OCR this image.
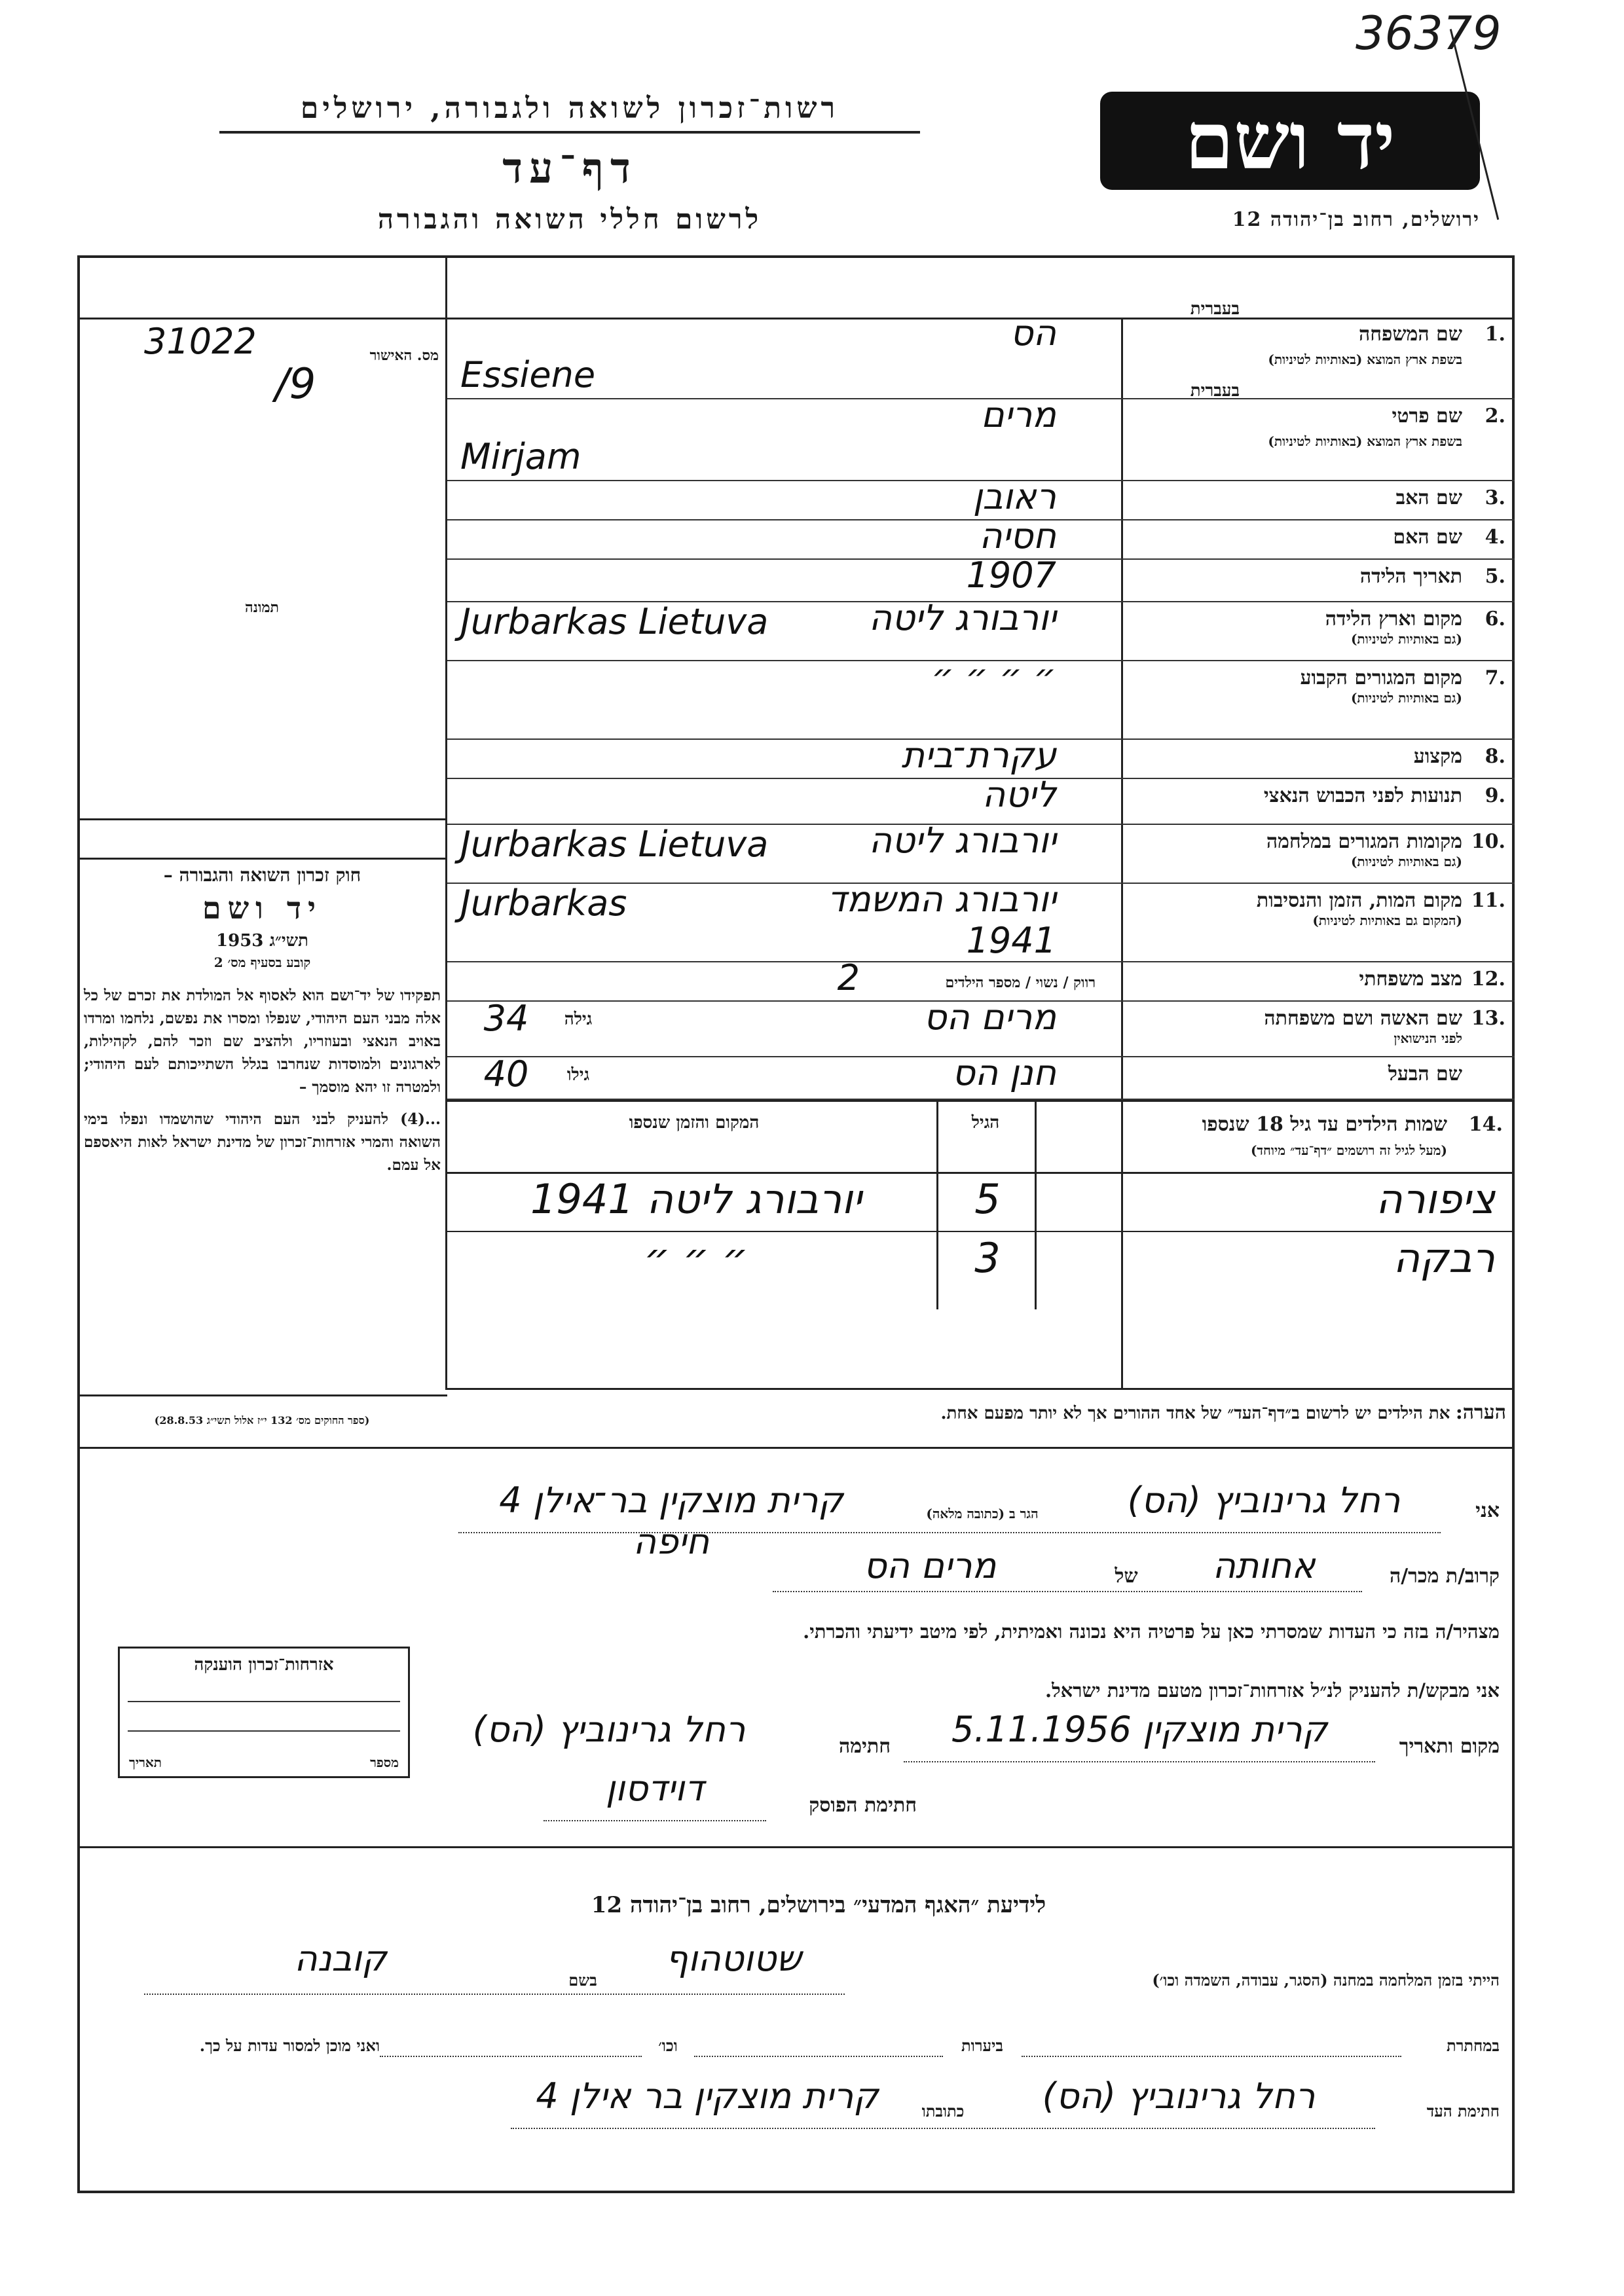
רשות־זכרון לשואה ולגבורה, ירושלים
דף־עד
לרשום חללי השואה והגבורה
יד ושם
36379
ירושלים, רחוב בן־יהודה 12
מס. האישור
31022
/9
תמונה
חוק זכרון השואה והגבורה –
יד ושם
תשי״ג 1953
קובע בסעיף מס׳ 2
תפקידו של יד־ושם הוא לאסוף אל המולדת את זכרם של כל אלה מבני העם היהודי, שנפלו ומסרו את נפשם, נלחמו ומרדו באויב הנאצי ובעוזריו, ולהציב שם וזכר להם, לקהילות, לארגונים ולמוסדות שנחרבו בגלל השתייכותם לעם היהודי; ולמטרה זו יהא מוסמך –
...(4) להעניק לבני העם היהודי שהושמדו ונפלו בימי השואה והמרי אזרחות־זכרון של מדינת ישראל לאות היאספם אל עמם.
(ספר החוקים מס׳ 132 י״ז אלול תשי״ג 28.8.53)
אזרחות־זכרון הוענקה
מספר
תאריך
1.
שם המשפחה
בעברית
בשפת ארץ המוצא (באותיות לטיניות)
הס
Essiene
2.
שם פרטי
בעברית
בשפת ארץ המוצא (באותיות לטיניות)
מרים
Mirjam
3.
שם האב
ראובן
4.
שם האם
חסיה
5.
תאריך הלידה
1907
6.
מקום וארץ הלידה
(גם באותיות לטיניות)
Jurbarkas Lietuva	יורבורג ליטה
7.
מקום המגורים הקבוע
(גם באותיות לטיניות)
״ ״ ״ ״
8.
מקצוע
עקרת־בית
9.
תנועות לפני הכבוש הנאצי
ליטה
10.
מקומות המגורים במלחמה
(גם באותיות לטיניות)
Jurbarkas Lietuva	יורבורג ליטה
11.
מקום המות, הזמן והנסיבות
(המקום גם באותיות לטיניות)
Jurbarkas	יורבורג המשמד 1941
12.
מצב משפחתי
רווק / נשוי / מספר הילדים
2
13.
שם האשה ושם משפחתה
לפני הנישואין
מרים הס
גילה
34
שם הבעל
חנן הס
גילו
40
14.
שמות הילדים עד גיל 18 שנספו
(מעל לגיל זה רושמים ״דף־עד״ מיוחד)
הגיל
המקום והזמן שנספו
ציפורה
5
יורבורג ליטה 1941
רבקה
3
״ ״ ״
הערה: את הילדים יש לרשום ב״דף־העד״ של אחד ההורים אך לא יותר מפעם אחת.
אני
רחל גרינוביץ (הס)
הגר ב (כתובה מלאה)
קרית מוצקין בר־אילן 4 חיפה
קרוב/ת מכר/ה
אחותה
של
מרים הס
מצהיר/ה בזה כי העדות שמסרתי כאן על פרטיה היא נכונה ואמיתית, לפי מיטב ידיעתי והכרתי.
אני מבקש/ת להעניק לנ״ל אזרחות־זכרון מטעם מדינת ישראל.
מקום ותאריך
קרית מוצקין 5.11.1956
חתימה
רחל גרינוביץ (הס)
חתימת הפוסק
דוידסון
לידיעת ״האגף המדעי״ בירושלים, רחוב בן־יהודה 12
הייתי בזמן המלחמה במחנה (הסגר, עבודה, השמדה וכו׳)
שטוטהוף
בשם
קובנה
במחתרת
ביערות
וכו׳
ואני מוכן למסור עדות על כך.
חתימת העד
רחל גרינוביץ (הס)
כתובתו
קרית מוצקין בר אילן 4
